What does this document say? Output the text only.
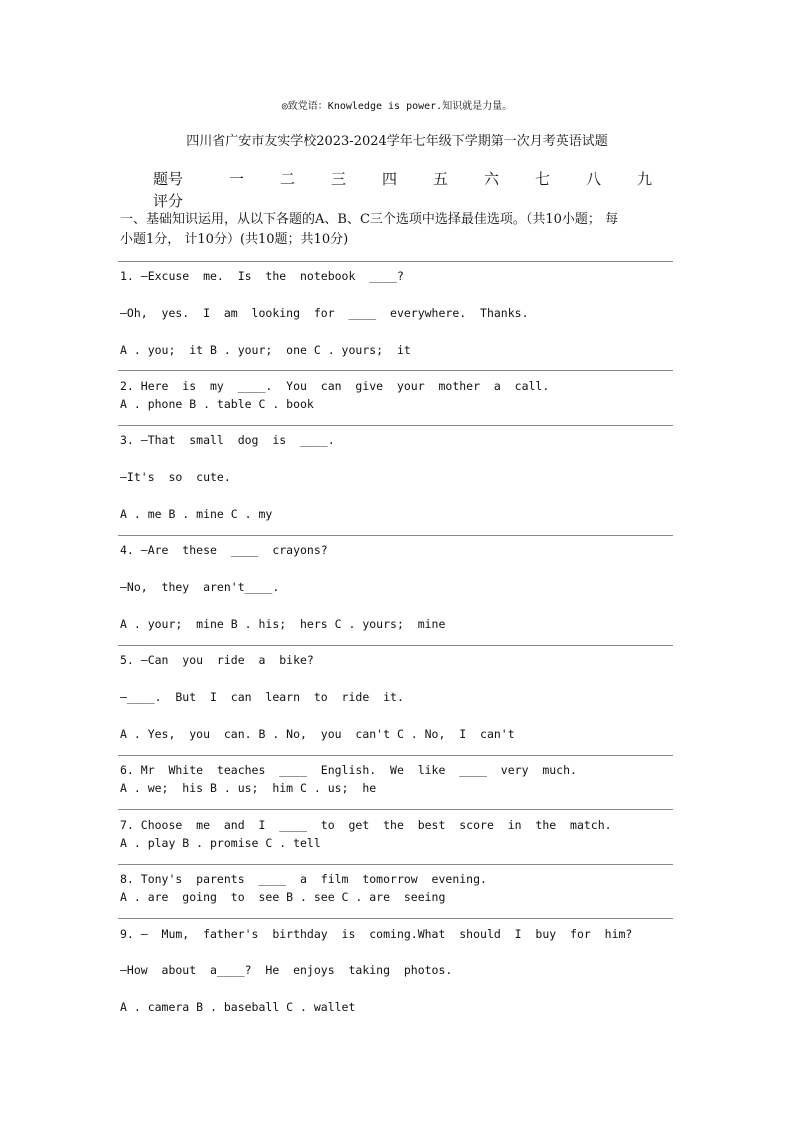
◎致党语：Knowledge is power.知识就是力量。
四川省广安市友实学校2023-2024学年七年级下学期第一次月考英语试题
题号	一	二	三	四	五	六	七	八	九
评分
一、基础知识运用，从以下各题的A、B、C三个选项中选择最佳选项。（共10小题； 每
小题1分， 计10分）(共10题；共10分)
1. —Excuse  me.  Is  the  notebook  ____?
—Oh,  yes.  I  am  looking  for  ____  everywhere.  Thanks.
A . you;  it B . your;  one C . yours;  it
2. Here  is  my  ____.  You  can  give  your  mother  a  call.
A . phone B . table C . book
3. —That  small  dog  is  ____.
—It's  so  cute.
A . me B . mine C . my
4. —Are  these  ____  crayons?
—No,  they  aren't____.
A . your;  mine B . his;  hers C . yours;  mine
5. —Can  you  ride  a  bike?
—____.  But  I  can  learn  to  ride  it.
A . Yes,  you  can. B . No,  you  can't C . No,  I  can't
6. Mr  White  teaches  ____  English.  We  like  ____  very  much.
A . we;  his B . us;  him C . us;  he
7. Choose  me  and  I  ____  to  get  the  best  score  in  the  match.
A . play B . promise C . tell
8. Tony's  parents  ____  a  film  tomorrow  evening.
A . are  going  to  see B . see C . are  seeing
9. —  Mum,  father's  birthday  is  coming.What  should  I  buy  for  him?
—How  about  a____?  He  enjoys  taking  photos.
A . camera B . baseball C . wallet
